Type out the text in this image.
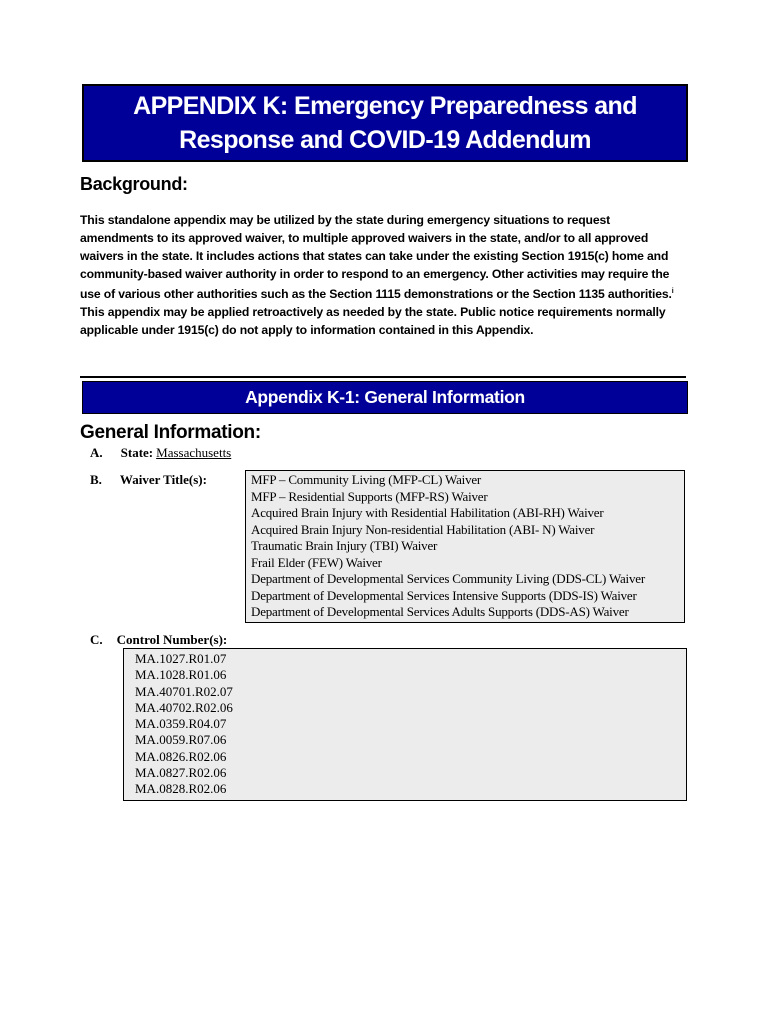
APPENDIX K: Emergency Preparedness and
Response and COVID-19 Addendum
Background:
This standalone appendix may be utilized by the state during emergency situations to request amendments to its approved waiver, to multiple approved waivers in the state, and/or to all approved waivers in the state. It includes actions that states can take under the existing Section 1915(c) home and community-based waiver authority in order to respond to an emergency. Other activities may require the use of various other authorities such as the Section 1115 demonstrations or the Section 1135 authorities.$^i$ This appendix may be applied retroactively as needed by the state. Public notice requirements normally applicable under 1915(c) do not apply to information contained in this Appendix.
Appendix K-1: General Information
General Information:
A. State: Massachusetts
B. Waiver Title(s):	MFP – Community Living (MFP-CL) Waiver
MFP – Residential Supports (MFP-RS) Waiver
Acquired Brain Injury with Residential Habilitation (ABI-RH) Waiver
Acquired Brain Injury Non-residential Habilitation (ABI- N) Waiver
Traumatic Brain Injury (TBI) Waiver
Frail Elder (FEW) Waiver
Department of Developmental Services Community Living (DDS-CL) Waiver
Department of Developmental Services Intensive Supports (DDS-IS) Waiver
Department of Developmental Services Adults Supports (DDS-AS) Waiver
C. Control Number(s):
MA.1027.R01.07
MA.1028.R01.06
MA.40701.R02.07
MA.40702.R02.06
MA.0359.R04.07
MA.0059.R07.06
MA.0826.R02.06
MA.0827.R02.06
MA.0828.R02.06
